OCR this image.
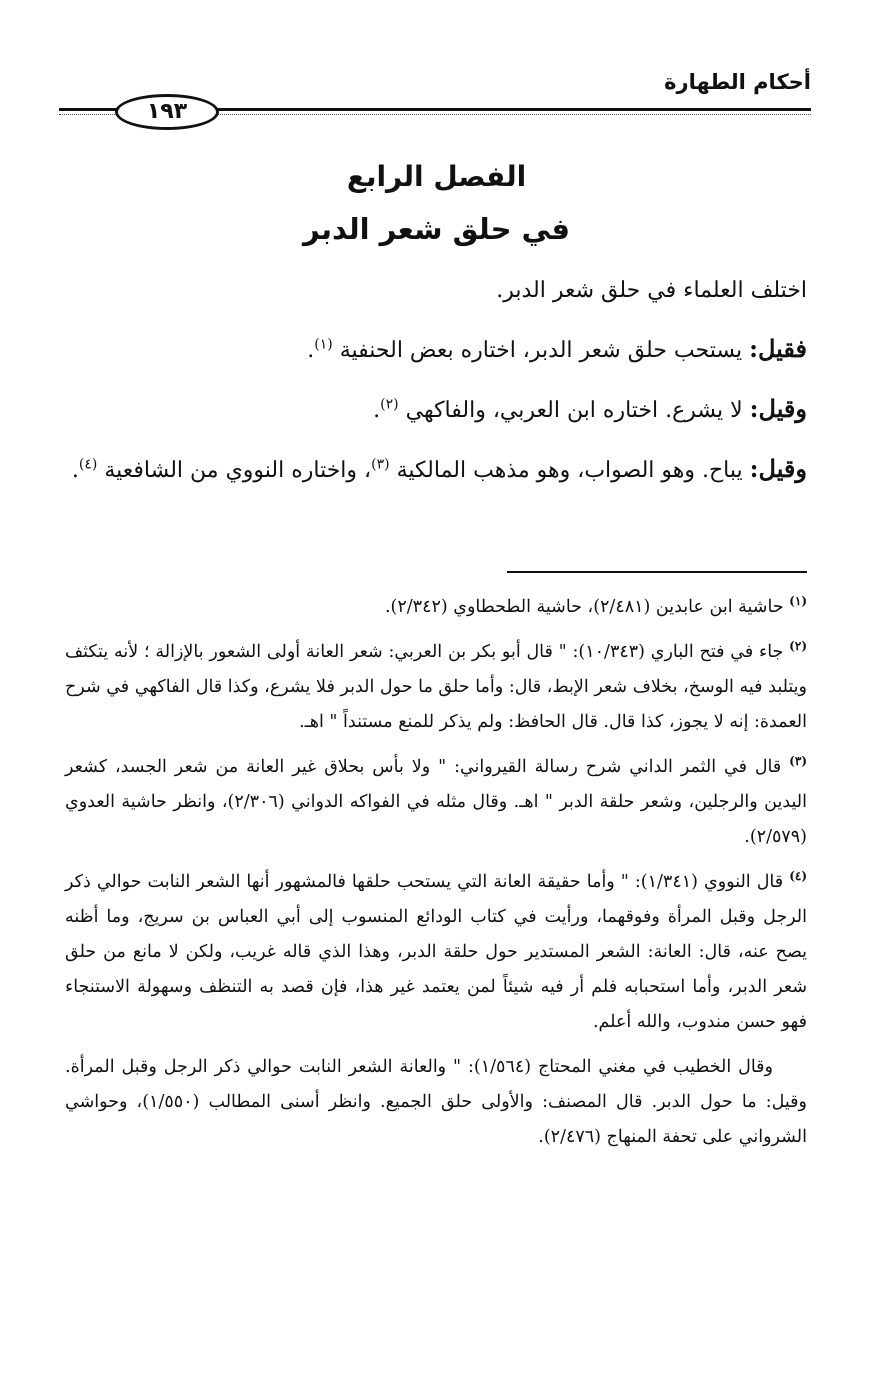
أحكام الطهارة
١٩٣
الفصل الرابع
في حلق شعر الدبر

اختلف العلماء في حلق شعر الدبر.

فقيل: يستحب حلق شعر الدبر، اختاره بعض الحنفية $^{(١)}$.

وقيل: لا يشرع. اختاره ابن العربي، والفاكهي $^{(٢)}$.

وقيل: يباح. وهو الصواب، وهو مذهب المالكية $^{(٣)}$، واختاره النووي من الشافعية $^{(٤)}$.

$^{(١)}$ حاشية ابن عابدين (٢/٤٨١)، حاشية الطحطاوي (٢/٣٤٢).

$^{(٢)}$ جاء في فتح الباري (١٠/٣٤٣): " قال أبو بكر بن العربي: شعر العانة أولى الشعور بالإزالة ؛ لأنه يتكثف ويتلبد فيه الوسخ، بخلاف شعر الإبط، قال: وأما حلق ما حول الدبر فلا يشرع، وكذا قال الفاكهي في شرح العمدة: إنه لا يجوز، كذا قال. قال الحافظ: ولم يذكر للمنع مستنداً " اهـ.

$^{(٣)}$ قال في الثمر الداني شرح رسالة القيرواني: " ولا بأس بحلاق غير العانة من شعر الجسد، كشعر اليدين والرجلين، وشعر حلقة الدبر " اهـ. وقال مثله في الفواكه الدواني (٢/٣٠٦)، وانظر حاشية العدوي (٢/٥٧٩).

$^{(٤)}$ قال النووي (١/٣٤١): " وأما حقيقة العانة التي يستحب حلقها فالمشهور أنها الشعر النابت حوالي ذكر الرجل وقبل المرأة وفوقهما، ورأيت في كتاب الودائع المنسوب إلى أبي العباس بن سريج، وما أظنه يصح عنه، قال: العانة: الشعر المستدير حول حلقة الدبر، وهذا الذي قاله غريب، ولكن لا مانع من حلق شعر الدبر، وأما استحبابه فلم أر فيه شيئاً لمن يعتمد غير هذا، فإن قصد به التنظف وسهولة الاستنجاء فهو حسن مندوب، والله أعلم.

وقال الخطيب في مغني المحتاج (١/٥٦٤): " والعانة الشعر النابت حوالي ذكر الرجل وقبل المرأة. وقيل: ما حول الدبر. قال المصنف: والأولى حلق الجميع. وانظر أسنى المطالب (١/٥٥٠)، وحواشي الشرواني على تحفة المنهاج (٢/٤٧٦).
